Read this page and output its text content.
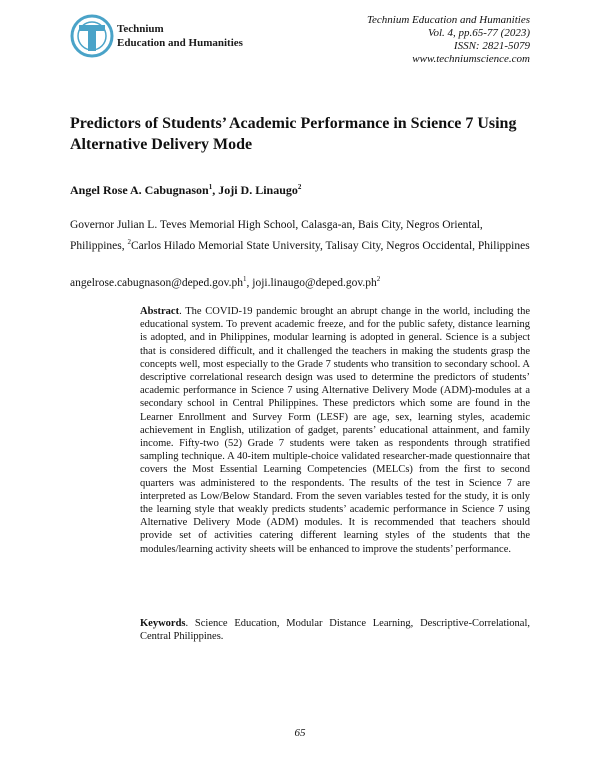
Technium
Education and Humanities
Technium Education and Humanities
Vol. 4, pp.65-77 (2023)
ISSN: 2821-5079
www.techniumscience.com
Predictors of Students’ Academic Performance in Science 7 Using Alternative Delivery Mode
Angel Rose A. Cabugnason$^1$, Joji D. Linaugo$^2$
Governor Julian L. Teves Memorial High School, Calasga-an, Bais City, Negros Oriental, Philippines, $^2$Carlos Hilado Memorial State University, Talisay City, Negros Occidental, Philippines
$angelrose.cabugnason@deped.gov.ph^1$, $joji.linaugo@deped.gov.ph^2$
Abstract. The COVID-19 pandemic brought an abrupt change in the world, including the educational system. To prevent academic freeze, and for the public safety, distance learning is adopted, and in Philippines, modular learning is adopted in general. Science is a subject that is considered difficult, and it challenged the teachers in making the students grasp the concepts well, most especially to the Grade 7 students who transition to secondary school. A descriptive correlational research design was used to determine the predictors of students’ academic performance in Science 7 using Alternative Delivery Mode (ADM)-modules at a secondary school in Central Philippines. These predictors which some are found in the Learner Enrollment and Survey Form (LESF) are age, sex, learning styles, academic achievement in English, utilization of gadget, parents’ educational attainment, and family income. Fifty-two (52) Grade 7 students were taken as respondents through stratified sampling technique. A 40-item multiple-choice validated researcher-made questionnaire that covers the Most Essential Learning Competencies (MELCs) from the first to second quarters was administered to the respondents. The results of the test in Science 7 are interpreted as Low/Below Standard. From the seven variables tested for the study, it is only the learning style that weakly predicts students’ academic performance in Science 7 using Alternative Delivery Mode (ADM) modules. It is recommended that teachers should provide set of activities catering different learning styles of the students that the modules/learning activity sheets will be enhanced to improve the students’ performance.
Keywords. Science Education, Modular Distance Learning, Descriptive-Correlational, Central Philippines.
65
